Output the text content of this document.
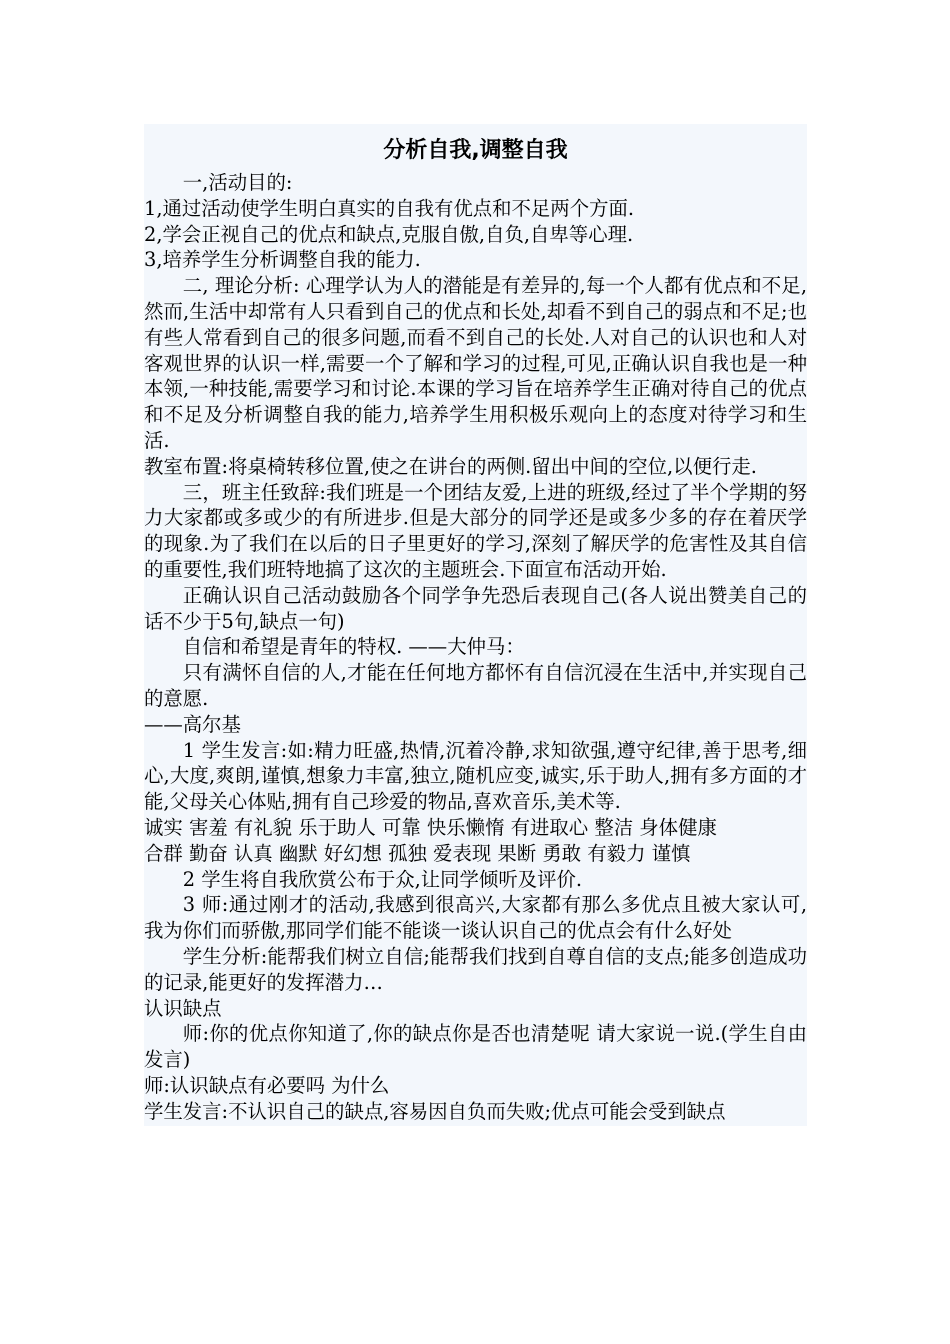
分析自我,调整自我

一,活动目的:

1,通过活动使学生明白真实的自我有优点和不足两个方面.

2,学会正视自己的优点和缺点,克服自傲,自负,自卑等心理.

3,培养学生分析调整自我的能力.

二, 理论分析: 心理学认为人的潜能是有差异的,每一个人都有优点和不足,然而,生活中却常有人只看到自己的优点和长处,却看不到自己的弱点和不足;也有些人常看到自己的很多问题,而看不到自己的长处.人对自己的认识也和人对客观世界的认识一样,需要一个了解和学习的过程,可见,正确认识自我也是一种本领,一种技能,需要学习和讨论.本课的学习旨在培养学生正确对待自己的优点和不足及分析调整自我的能力,培养学生用积极乐观向上的态度对待学习和生活.

教室布置:将桌椅转移位置,使之在讲台的两侧.留出中间的空位,以便行走.

三，班主任致辞:我们班是一个团结友爱,上进的班级,经过了半个学期的努力大家都或多或少的有所进步.但是大部分的同学还是或多少多的存在着厌学的现象.为了我们在以后的日子里更好的学习,深刻了解厌学的危害性及其自信的重要性,我们班特地搞了这次的主题班会.下面宣布活动开始.

正确认识自己活动鼓励各个同学争先恐后表现自己(各人说出赞美自己的话不少于5句,缺点一句)

自信和希望是青年的特权. ——大仲马：

只有满怀自信的人,才能在任何地方都怀有自信沉浸在生活中,并实现自己的意愿.

——高尔基

1 学生发言:如:精力旺盛,热情,沉着冷静,求知欲强,遵守纪律,善于思考,细心,大度,爽朗,谨慎,想象力丰富,独立,随机应变,诚实,乐于助人,拥有多方面的才能,父母关心体贴,拥有自己珍爱的物品,喜欢音乐,美术等.

诚实 害羞 有礼貌 乐于助人 可靠 快乐懒惰 有进取心 整洁 身体健康

合群 勤奋 认真 幽默 好幻想 孤独 爱表现 果断 勇敢 有毅力 谨慎

2 学生将自我欣赏公布于众,让同学倾听及评价.

3 师:通过刚才的活动,我感到很高兴,大家都有那么多优点且被大家认可,我为你们而骄傲,那同学们能不能谈一谈认识自己的优点会有什么好处

学生分析:能帮我们树立自信;能帮我们找到自尊自信的支点;能多创造成功的记录,能更好的发挥潜力…

认识缺点

师:你的优点你知道了,你的缺点你是否也清楚呢 请大家说一说.(学生自由发言)

师:认识缺点有必要吗 为什么

学生发言:不认识自己的缺点,容易因自负而失败;优点可能会受到缺点
